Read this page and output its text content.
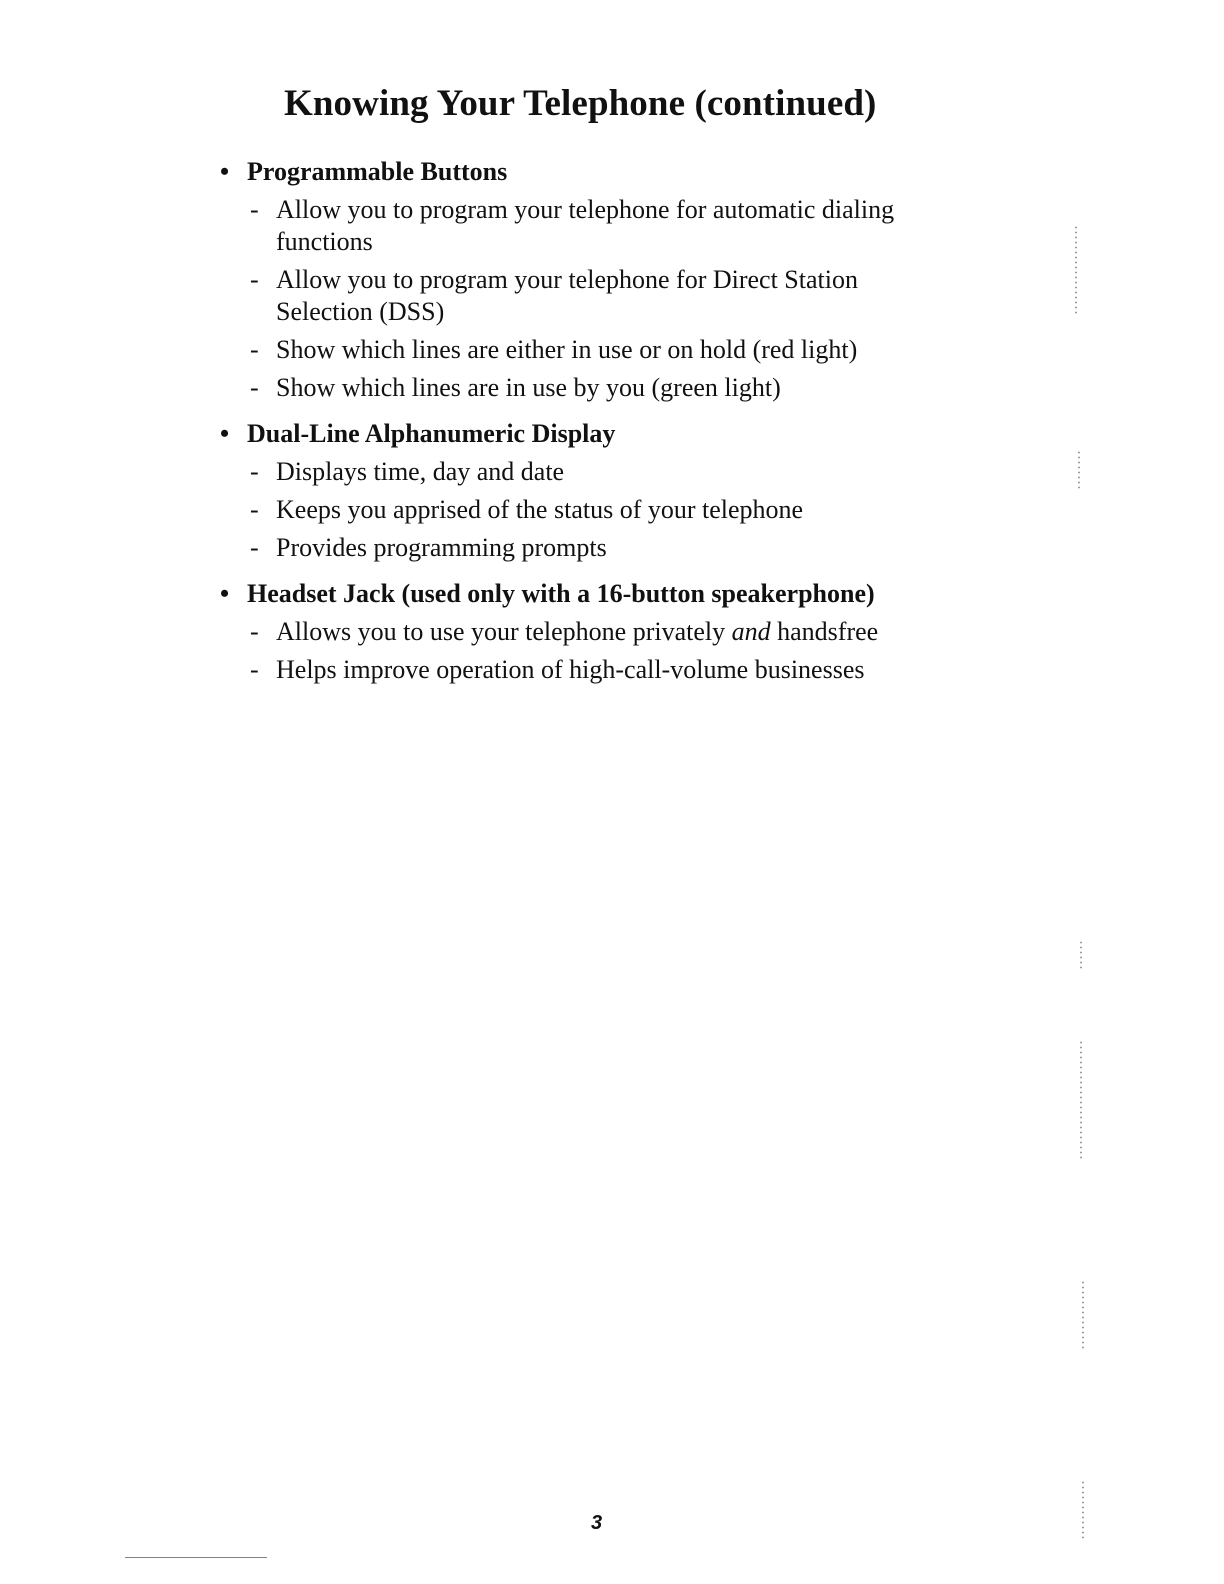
Knowing Your Telephone (continued)
• Programmable Buttons
- Allow you to program your telephone for automatic dialing functions
- Allow you to program your telephone for Direct Station Selection (DSS)
- Show which lines are either in use or on hold (red light)
- Show which lines are in use by you (green light)
• Dual-Line Alphanumeric Display
- Displays time, day and date
- Keeps you apprised of the status of your telephone
- Provides programming prompts
• Headset Jack (used only with a 16-button speakerphone)
- Allows you to use your telephone privately and handsfree
- Helps improve operation of high-call-volume businesses
3
